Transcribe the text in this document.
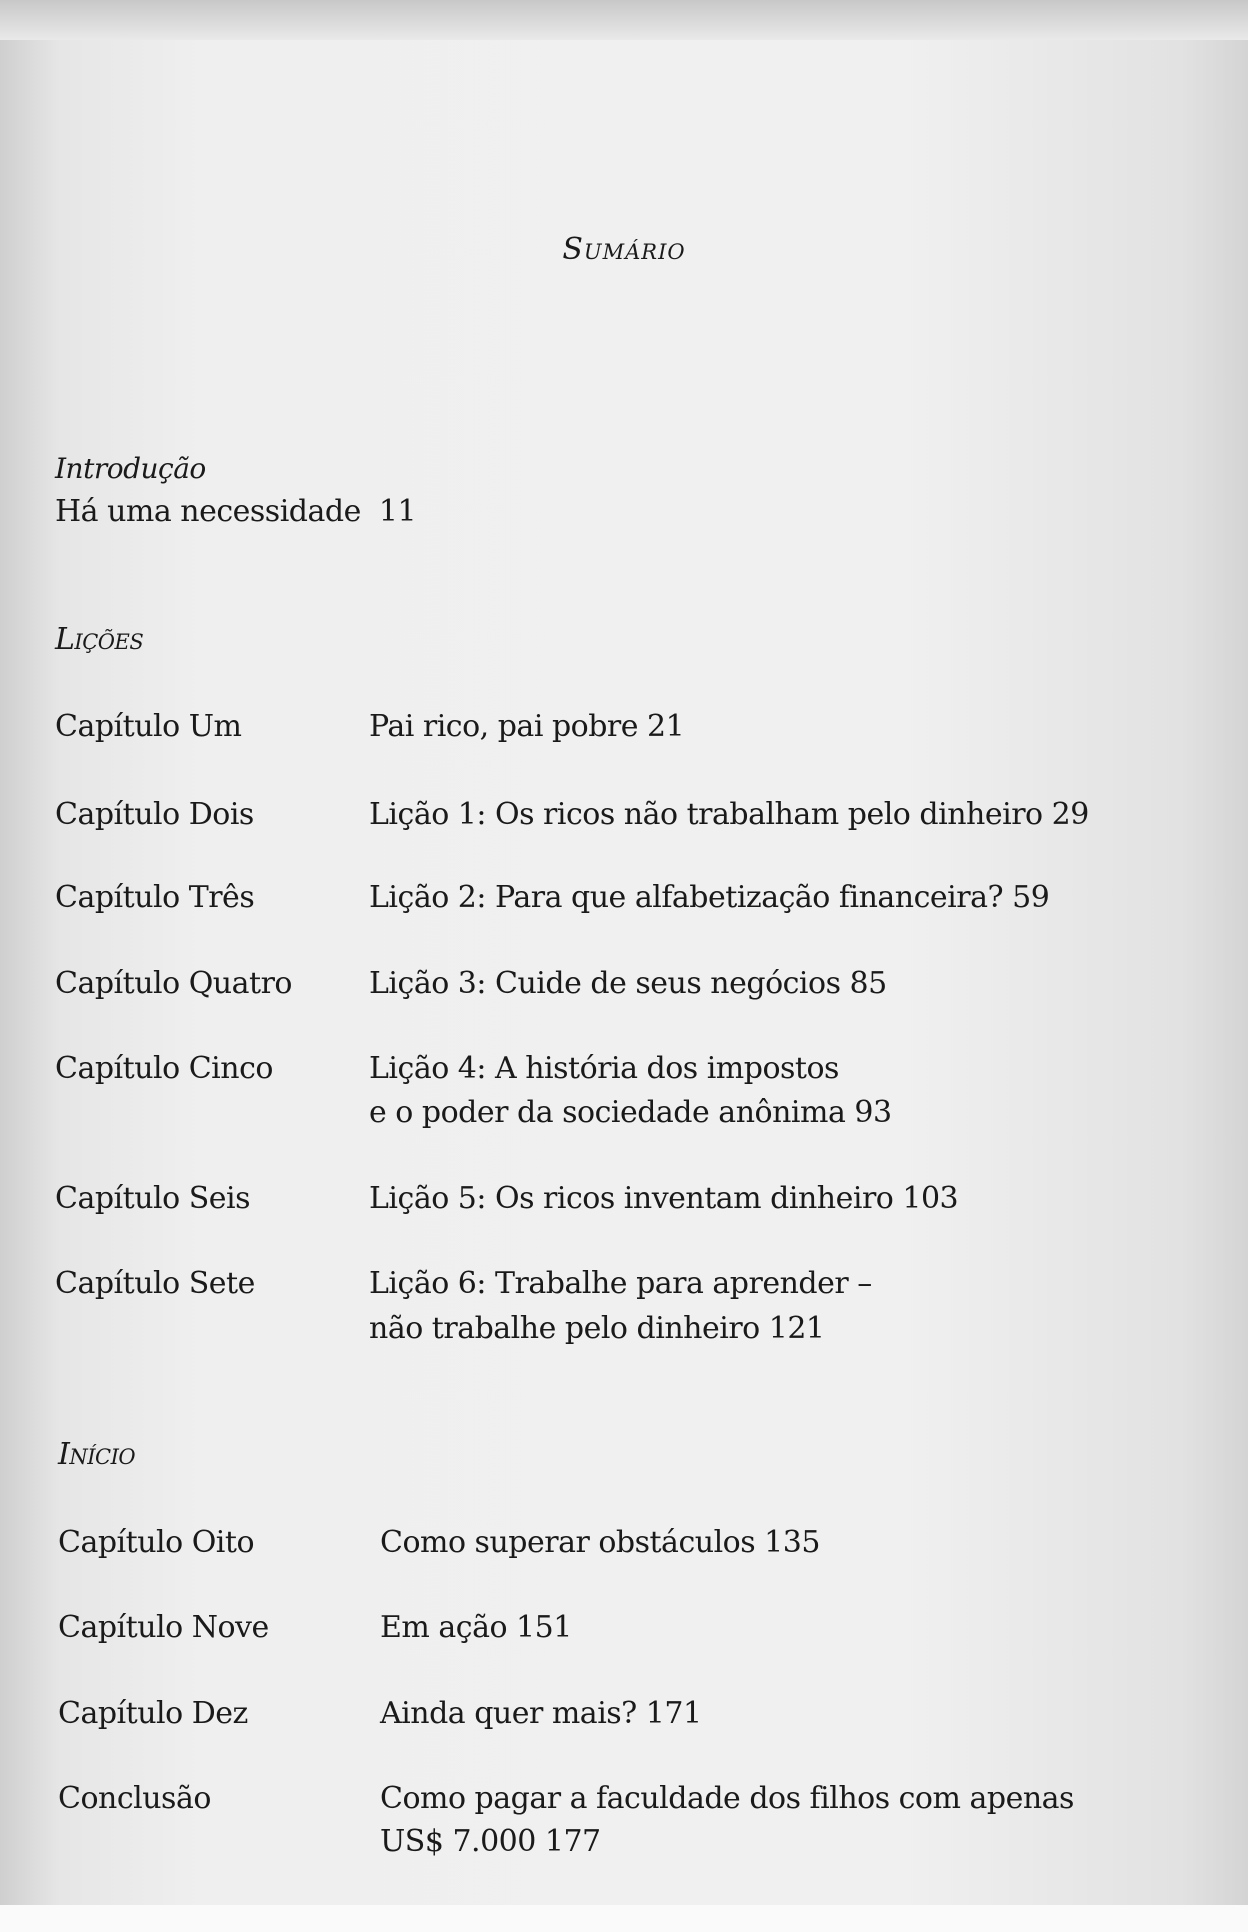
Sumário
Introdução
Há uma necessidade 11
Lições
Capítulo Um	Pai rico, pai pobre 21
Capítulo Dois	Lição 1: Os ricos não trabalham pelo dinheiro 29
Capítulo Três	Lição 2: Para que alfabetização financeira? 59
Capítulo Quatro	Lição 3: Cuide de seus negócios 85
Capítulo Cinco	Lição 4: A história dos impostos
e o poder da sociedade anônima 93
Capítulo Seis	Lição 5: Os ricos inventam dinheiro 103
Capítulo Sete	Lição 6: Trabalhe para aprender –
não trabalhe pelo dinheiro 121
Início
Capítulo Oito	Como superar obstáculos 135
Capítulo Nove	Em ação 151
Capítulo Dez	Ainda quer mais? 171
Conclusão	Como pagar a faculdade dos filhos com apenas
US$ 7.000 177
